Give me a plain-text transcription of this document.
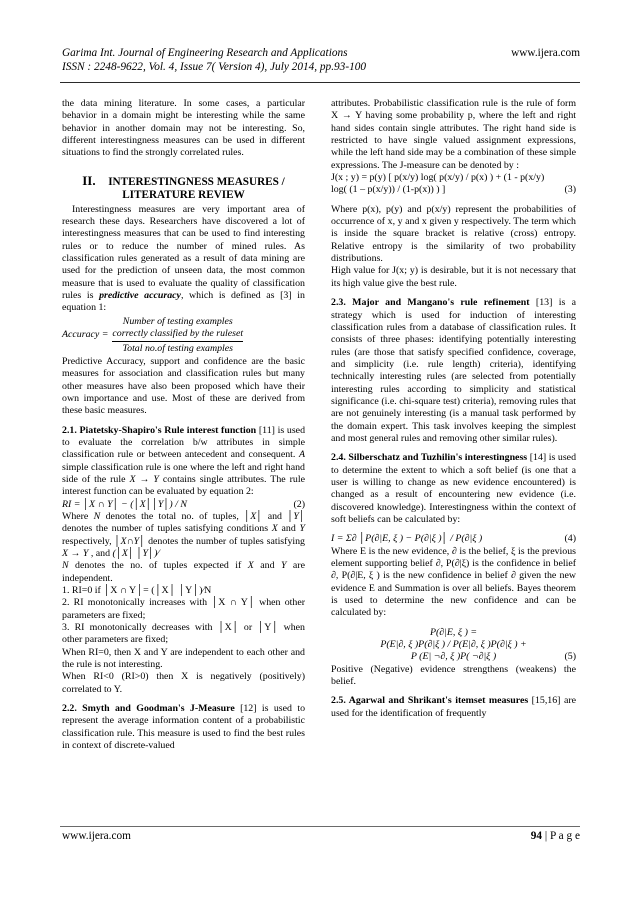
Garima Int. Journal of Engineering Research and Applications
ISSN : 2248-9622, Vol. 4, Issue 7( Version 4), July 2014, pp.93-100
www.ijera.com

the data mining literature. In some cases, a particular behavior in a domain might be interesting while the same behavior in another domain may not be interesting. So, different interestingness measures can be used in different situations to find the strongly correlated rules.

II. INTERESTINGNESS MEASURES / LITERATURE REVIEW

Interestingness measures are very important area of research these days. Researchers have discovered a lot of interestingness measures that can be used to find interesting rules or to reduce the number of mined rules. As classification rules generated as a result of data mining are used for the prediction of unseen data, the most common measure that is used to evaluate the quality of classification rules is predictive accuracy, which is defined as [3] in equation 1:

Accuracy =
Number of testing examples
correctly classified by the ruleset
Total no.of testing examples

Predictive Accuracy, support and confidence are the basic measures for association and classification rules but many other measures have also been proposed which have their own importance and use. Most of these are derived from these basic measures.

2.1. Piatetsky-Shapiro's Rule interest function [11] is used to evaluate the correlation b/w attributes in simple classification rule or between antecedent and consequent. A simple classification rule is one where the left and right hand side of the rule X → Y contains single attributes. The rule interest function can be evaluated by equation 2:

RI = │X ∩ Y│ − (│X││Y│) / N	(2)

Where N denotes the total no. of tuples, │X│ and │Y│ denotes the number of tuples satisfying conditions X and Y respectively, │X∩Y│ denotes the number of tuples satisfying X → Y , and (│X│ │Y│)⁄
N denotes the no. of tuples expected if X and Y are independent.

1. RI=0 if │X ∩ Y│= (│X│ │Y│)⁄N

2. RI monotonically increases with │X ∩ Y│ when other parameters are fixed;

3. RI monotonically decreases with │X│ or │Y│ when other parameters are fixed;

When RI=0, then X and Y are independent to each other and the rule is not interesting.

When RI<0 (RI>0) then X is negatively (positively) correlated to Y.

2.2. Smyth and Goodman's J-Measure [12] is used to represent the average information content of a probabilistic classification rule. This measure is used to find the best rules in context of discrete-valued

attributes. Probabilistic classification rule is the rule of form X → Y having some probability p, where the left and right hand sides contain single attributes. The right hand side is restricted to have single valued assignment expressions, while the left hand side may be a combination of these simple expressions. The J-measure can be denoted by :

J(x ; y) = p(y) [ p(x/y) log( p(x/y) / p(x) ) + (1 - p(x/y)
log( (1 – p(x/y)) / (1-p(x)) ) ]	(3)

Where p(x), p(y) and p(x/y) represent the probabilities of occurrence of x, y and x given y respectively. The term which is inside the square bracket is relative (cross) entropy. Relative entropy is the similarity of two probability distributions.

High value for J(x; y) is desirable, but it is not necessary that its high value give the best rule.

2.3. Major and Mangano's rule refinement [13] is a strategy which is used for induction of interesting classification rules from a database of classification rules. It consists of three phases: identifying potentially interesting rules (are those that satisfy specified confidence, coverage, and simplicity (i.e. rule length) criteria), identifying technically interesting rules (are selected from potentially interesting rules according to simplicity and statistical significance (i.e. chi-square test) criteria), removing rules that are not genuinely interesting (is a manual task performed by the domain expert. This task involves keeping the simplest and most general rules and removing other similar rules).

2.4. Silberschatz and Tuzhilin's interestingness [14] is used to determine the extent to which a soft belief (is one that a user is willing to change as new evidence encountered) is changed as a result of encountering new evidence (i.e. discovered knowledge). Interestingness within the context of soft beliefs can be calculated by:

I = Σ∂ │P(∂|E, ξ ) − P(∂|ξ )│ / P(∂|ξ )	(4)

Where E is the new evidence, ∂ is the belief, ξ is the previous element supporting belief ∂, P(∂|ξ) is the confidence in belief ∂, P(∂|E, ξ ) is the new confidence in belief ∂ given the new evidence E and Summation is over all beliefs. Bayes theorem is used to determine the new confidence and can be calculated by:

P(∂|E, ξ ) =
P(E|∂, ξ )P(∂|ξ ) / P(E|∂, ξ )P(∂|ξ ) +
P (E| ¬∂, ξ )P( ¬∂|ξ )	(5)

Positive (Negative) evidence strengthens (weakens) the belief.

2.5. Agarwal and Shrikant's itemset measures [15,16] are used for the identification of frequently

www.ijera.com	94 | P a g e
